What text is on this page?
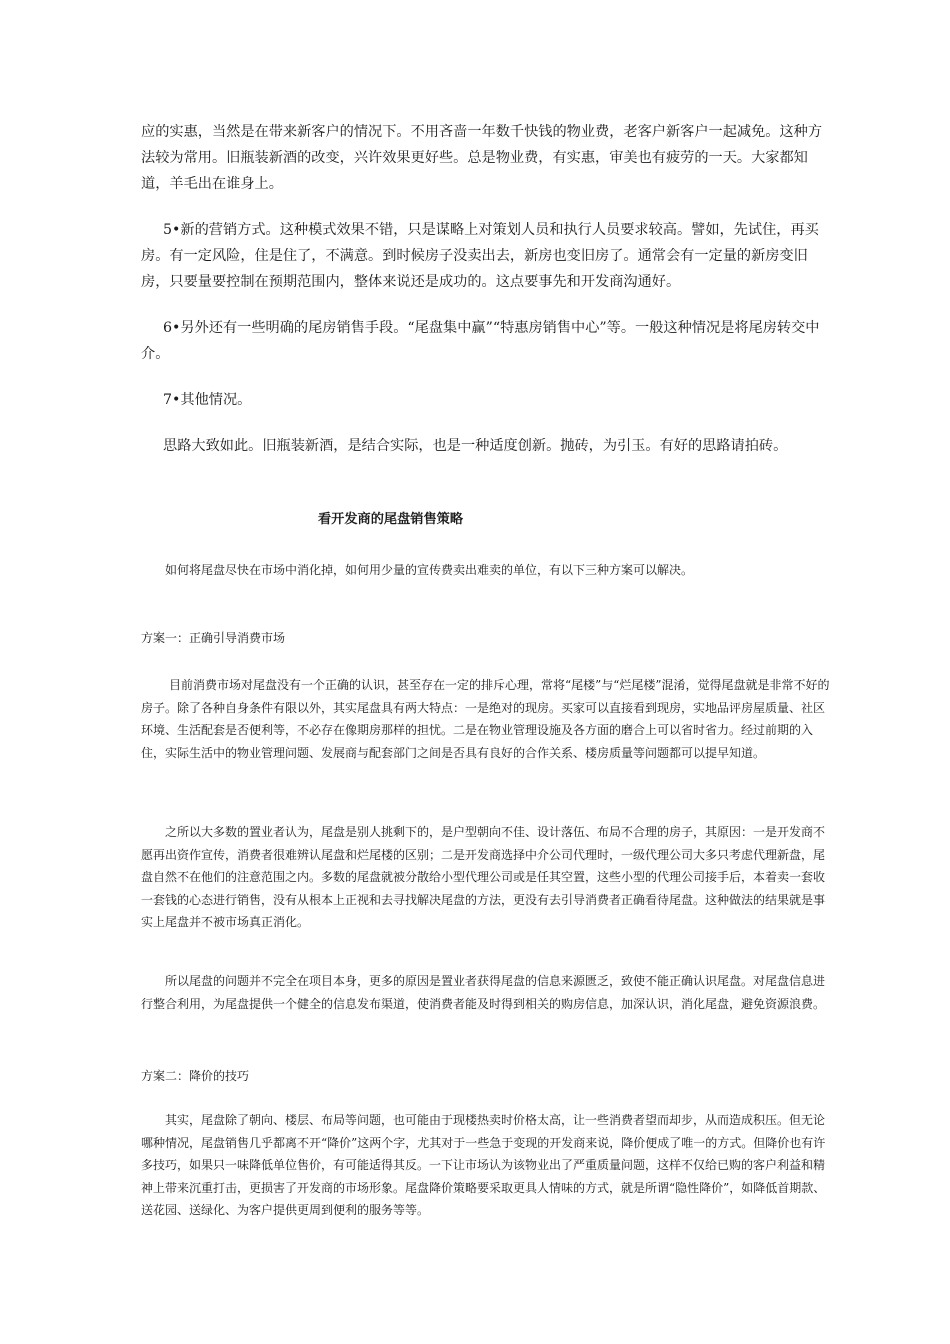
应的实惠，当然是在带来新客户的情况下。不用吝啬一年数千快钱的物业费，老客户新客户一起减免。这种方法较为常用。旧瓶装新酒的改变，兴许效果更好些。总是物业费，有实惠，审美也有疲劳的一天。大家都知道，羊毛出在谁身上。

5•新的营销方式。这种模式效果不错，只是谋略上对策划人员和执行人员要求较高。譬如，先试住，再买房。有一定风险，住是住了，不满意。到时候房子没卖出去，新房也变旧房了。通常会有一定量的新房变旧房，只要量要控制在预期范围内，整体来说还是成功的。这点要事先和开发商沟通好。

6•另外还有一些明确的尾房销售手段。“尾盘集中赢”“特惠房销售中心”等。一般这种情况是将尾房转交中介。

7•其他情况。

思路大致如此。旧瓶装新酒，是结合实际，也是一种适度创新。抛砖，为引玉。有好的思路请拍砖。

看开发商的尾盘销售策略

如何将尾盘尽快在市场中消化掉，如何用少量的宣传费卖出难卖的单位，有以下三种方案可以解决。

方案一：正确引导消费市场

目前消费市场对尾盘没有一个正确的认识，甚至存在一定的排斥心理，常将“尾楼”与“烂尾楼”混淆，觉得尾盘就是非常不好的房子。除了各种自身条件有限以外，其实尾盘具有两大特点：一是绝对的现房。买家可以直接看到现房，实地品评房屋质量、社区环境、生活配套是否便利等，不必存在像期房那样的担忧。二是在物业管理设施及各方面的磨合上可以省时省力。经过前期的入住，实际生活中的物业管理问题、发展商与配套部门之间是否具有良好的合作关系、楼房质量等问题都可以提早知道。

之所以大多数的置业者认为，尾盘是别人挑剩下的，是户型朝向不佳、设计落伍、布局不合理的房子，其原因：一是开发商不愿再出资作宣传，消费者很难辨认尾盘和烂尾楼的区别；二是开发商选择中介公司代理时，一级代理公司大多只考虑代理新盘，尾盘自然不在他们的注意范围之内。多数的尾盘就被分散给小型代理公司或是任其空置，这些小型的代理公司接手后，本着卖一套收一套钱的心态进行销售，没有从根本上正视和去寻找解决尾盘的方法，更没有去引导消费者正确看待尾盘。这种做法的结果就是事实上尾盘并不被市场真正消化。

所以尾盘的问题并不完全在项目本身，更多的原因是置业者获得尾盘的信息来源匮乏，致使不能正确认识尾盘。对尾盘信息进行整合利用，为尾盘提供一个健全的信息发布渠道，使消费者能及时得到相关的购房信息，加深认识，消化尾盘，避免资源浪费。

方案二：降价的技巧

其实，尾盘除了朝向、楼层、布局等问题，也可能由于现楼热卖时价格太高，让一些消费者望而却步，从而造成积压。但无论哪种情况，尾盘销售几乎都离不开“降价”这两个字，尤其对于一些急于变现的开发商来说，降价便成了唯一的方式。但降价也有许多技巧，如果只一味降低单位售价，有可能适得其反。一下让市场认为该物业出了严重质量问题，这样不仅给已购的客户利益和精神上带来沉重打击，更损害了开发商的市场形象。尾盘降价策略要采取更具人情味的方式，就是所谓“隐性降价”，如降低首期款、送花园、送绿化、为客户提供更周到便利的服务等等。
